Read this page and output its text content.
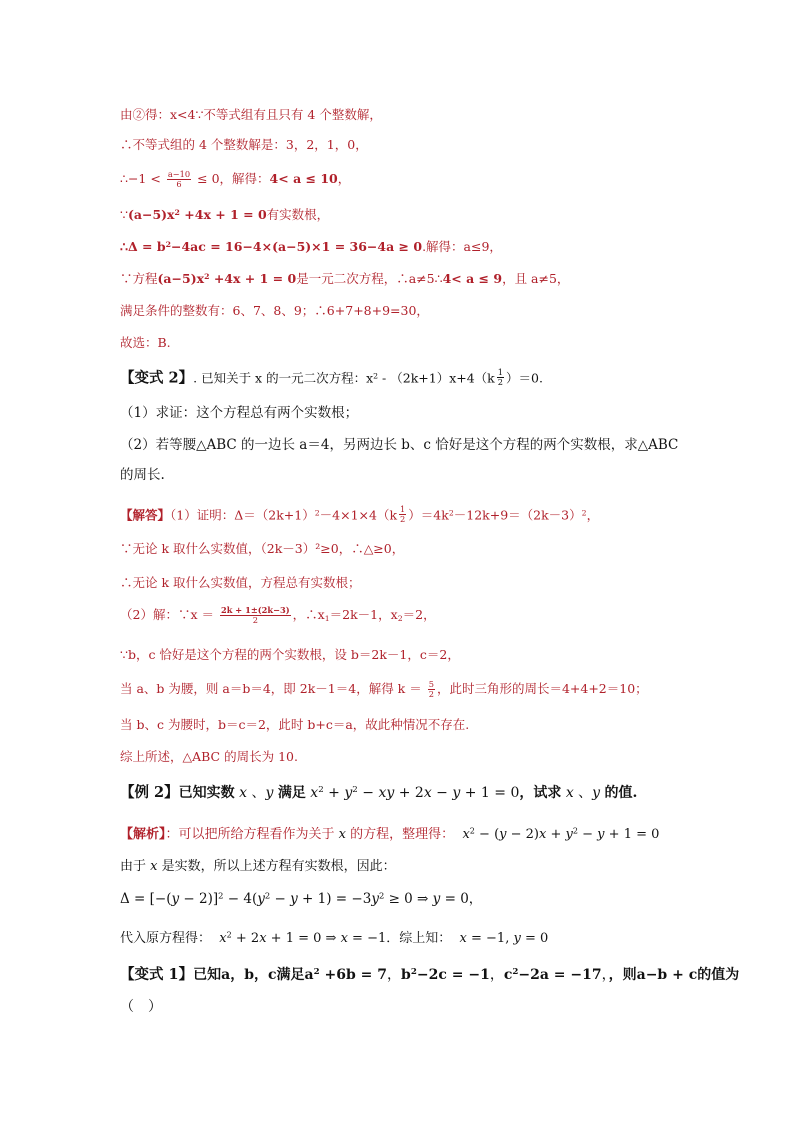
由②得：x<4∵不等式组有且只有 4 个整数解，
∴不等式组的 4 个整数解是：3，2，1，0，
∴−1 < $\frac{a-10}{6} \le 0$，解得：4< a ≤ 10，
$\because(a-5)x^2 +4x + 1 = 0$有实数根，
∴Δ = $b^2-4ac = 16-4\times(a-5)\times 1 = 36-4a \ge 0$.解得：a≤9，
∵方程$(a-5)x^2 +4x + 1 = 0$是一元二次方程，∴a≠5∴4< a ≤ 9，且 a≠5，
满足条件的整数有：6、7、8、9；∴6+7+8+9=30，
故选：B.
【变式 2】. 已知关于 x 的一元二次方程：$x^2 - (2k+1)x+4(k \frac{1}{2} )=0$.
（1）求证：这个方程总有两个实数根；
（2）若等腰△ABC 的一边长 a＝4，另两边长 b、c 恰好是这个方程的两个实数根，求△ABC
的周长.
【解答】（1）证明：$\Delta=(2k+1)^2-4\times 1\times 4(k \frac{1}{2} )=4k^2-12k+9=(2k-3)^2$，
∵无论 k 取什么实数值，（2k－3）²≥0，∴△≥0，
∴无论 k 取什么实数值，方程总有实数根；
（2）解：∵x ＝ $\frac{2k + 1\pm(2k-3)}{2}$ ，$\therefore x_1=2k-1$，$x_2=2$，
∵b，c 恰好是这个方程的两个实数根，设 b＝2k－1，c＝2，
当 a、b 为腰，则 a＝b＝4，即 2k－1＝4，解得 $k = \frac{5}{2}$ ，此时三角形的周长＝4+4+2＝10；
当 b、c 为腰时，b＝c＝2，此时 b+c＝a，故此种情况不存在.
综上所述，△ABC 的周长为 10.
【例 2】已知实数 x 、y 满足 $x^2 + y^2$ − xy + 2x − y + 1 = 0，试求 x 、y 的值.
【解析】：可以把所给方程看作为关于 x 的方程，整理得： $x^2 - (y - 2)x + y^2 - y + 1 = 0$
由于 x 是实数，所以上述方程有实数根，因此：
$\Delta = [-(y - 2)]^2 - 4(y^2 - y + 1) = -3y^2 \ge 0$ ⇒ y = 0，
代入原方程得： $x^2 + 2x + 1 = 0$ ⇒ x = −1．综上知： x = −1, y = 0
【变式 1】已知a，b，c满足$a^2 +6b = 7$，$b^2-2c = -1$，$c^2-2a = -17$，，则a−b + c的值为
（　）
